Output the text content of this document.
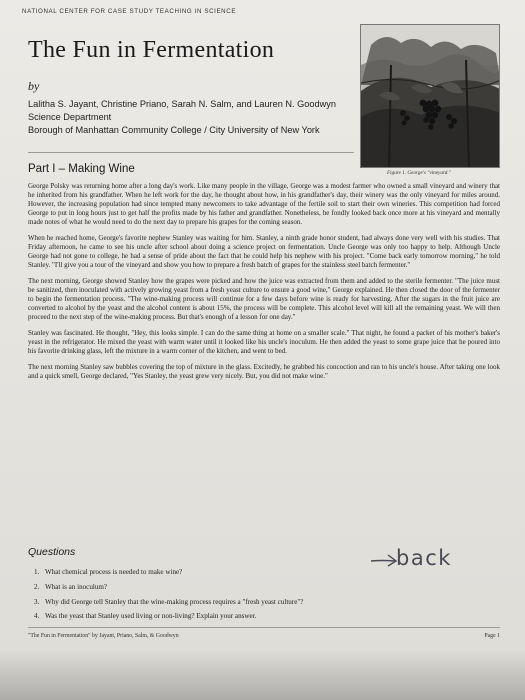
NATIONAL CENTER FOR CASE STUDY TEACHING IN SCIENCE
The Fun in Fermentation
by
Lalitha S. Jayant, Christine Priano, Sarah N. Salm, and Lauren N. Goodwyn
Science Department
Borough of Manhattan Community College / City University of New York
Figure 1. George's "vineyard."
Part I – Making Wine

George Polsky was returning home after a long day's work. Like many people in the village, George was a modest farmer who owned a small vineyard and winery that he inherited from his grandfather. When he left work for the day, he thought about how, in his grandfather's day, their winery was the only vineyard for miles around. However, the increasing population had since tempted many newcomers to take advantage of the fertile soil to start their own wineries. This competition had forced George to put in long hours just to get half the profits made by his father and grandfather. Nonetheless, he fondly looked back once more at his vineyard and mentally made notes of what he would need to do the next day to prepare his grapes for the coming season.

When he reached home, George's favorite nephew Stanley was waiting for him. Stanley, a ninth grade honor student, had always done very well with his studies. That Friday afternoon, he came to see his uncle after school about doing a science project on fermentation. Uncle George was only too happy to help. Although Uncle George had not gone to college, he had a sense of pride about the fact that he could help his nephew with his project. "Come back early tomorrow morning," he told Stanley. "I'll give you a tour of the vineyard and show you how to prepare a fresh batch of grapes for the stainless steel batch fermenter."

The next morning, George showed Stanley how the grapes were picked and how the juice was extracted from them and added to the sterile fermenter. "The juice must be sanitized, then inoculated with actively growing yeast from a fresh yeast culture to ensure a good wine," George explained. He then closed the door of the fermenter to begin the fermentation process. "The wine-making process will continue for a few days before wine is ready for harvesting. After the sugars in the fruit juice are converted to alcohol by the yeast and the alcohol content is about 15%, the process will be complete. This alcohol level will kill all the remaining yeast. We will then proceed to the next step of the wine-making process. But that's enough of a lesson for one day."

Stanley was fascinated. He thought, "Hey, this looks simple. I can do the same thing at home on a smaller scale." That night, he found a packet of his mother's baker's yeast in the refrigerator. He mixed the yeast with warm water until it looked like his uncle's inoculum. He then added the yeast to some grape juice that he poured into his favorite drinking glass, left the mixture in a warm corner of the kitchen, and went to bed.

The next morning Stanley saw bubbles covering the top of mixture in the glass. Excitedly, he grabbed his concoction and ran to his uncle's house. After taking one look and a quick smell, George declared, "Yes Stanley, the yeast grew very nicely. But, you did not make wine."

Questions	back
1. What chemical process is needed to make wine?
2. What is an inoculum?
3. Why did George tell Stanley that the wine-making process requires a "fresh yeast culture"?
4. Was the yeast that Stanley used living or non-living? Explain your answer.
"The Fun in Fermentation" by Jayant, Priano, Salm, & Goodwyn	Page 1
